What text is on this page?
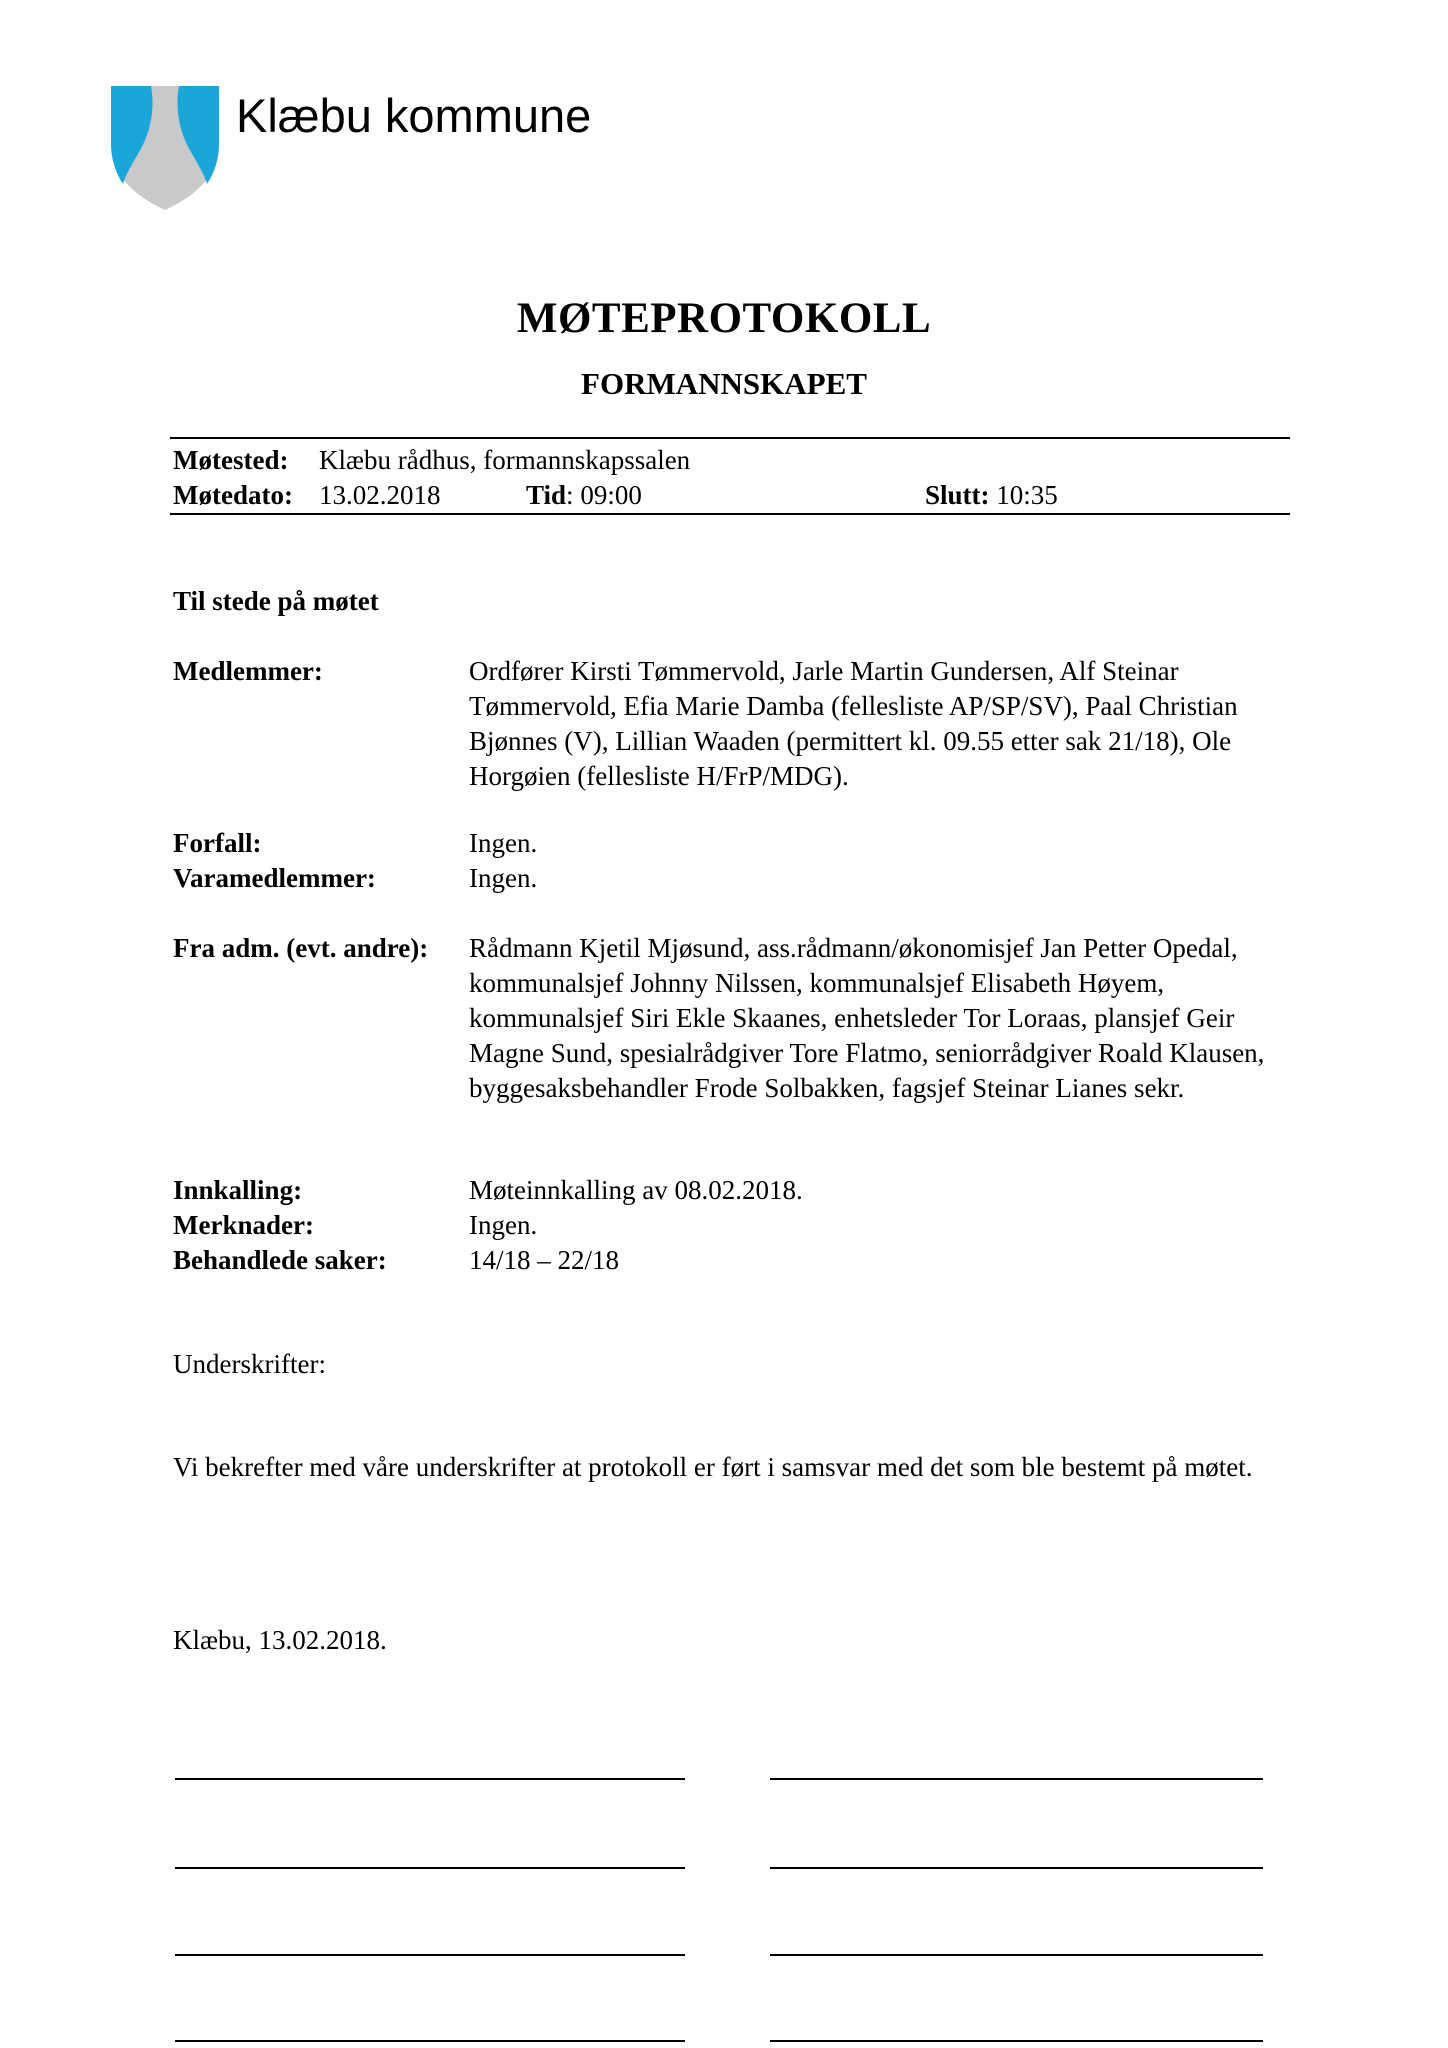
Klæbu kommune
MØTEPROTOKOLL
FORMANNSKAPET
Møtested: Klæbu rådhus, formannskapssalen
Møtedato: 13.02.2018	Tid: 09:00	Slutt: 10:35
Til stede på møtet
Medlemmer:	Ordfører Kirsti Tømmervold, Jarle Martin Gundersen, Alf Steinar Tømmervold, Efia Marie Damba (fellesliste AP/SP/SV), Paal Christian Bjønnes (V), Lillian Waaden (permittert kl. 09.55 etter sak 21/18), Ole Horgøien (fellesliste H/FrP/MDG).
Forfall:	Ingen.
Varamedlemmer:	Ingen.
Fra adm. (evt. andre): Rådmann Kjetil Mjøsund, ass.rådmann/økonomisjef Jan Petter Opedal, kommunalsjef Johnny Nilssen, kommunalsjef Elisabeth Høyem, kommunalsjef Siri Ekle Skaanes, enhetsleder Tor Loraas, plansjef Geir Magne Sund, spesialrådgiver Tore Flatmo, seniorrådgiver Roald Klausen, byggesaksbehandler Frode Solbakken, fagsjef Steinar Lianes sekr.
Innkalling:	Møteinnkalling av 08.02.2018.
Merknader:	Ingen.
Behandlede saker:	14/18 – 22/18
Underskrifter:
Vi bekrefter med våre underskrifter at protokoll er ført i samsvar med det som ble bestemt på møtet.
Klæbu, 13.02.2018.
